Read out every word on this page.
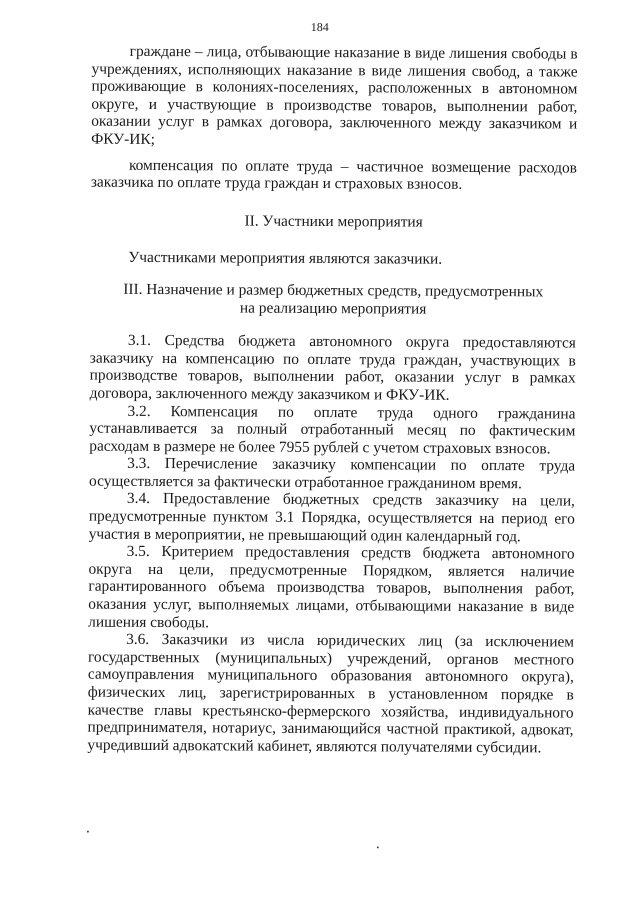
184

граждане – лица, отбывающие наказание в виде лишения свободы в учреждениях, исполняющих наказание в виде лишения свобод, а также проживающие в колониях-поселениях, расположенных в автономном округе, и участвующие в производстве товаров, выполнении работ, оказании услуг в рамках договора, заключенного между заказчиком и ФКУ-ИК;

компенсация по оплате труда – частичное возмещение расходов заказчика по оплате труда граждан и страховых взносов.

II. Участники мероприятия

Участниками мероприятия являются заказчики.

III. Назначение и размер бюджетных средств, предусмотренных
на реализацию мероприятия

3.1. Средства бюджета автономного округа предоставляются заказчику на компенсацию по оплате труда граждан, участвующих в производстве товаров, выполнении работ, оказании услуг в рамках договора, заключенного между заказчиком и ФКУ-ИК.

3.2. Компенсация по оплате труда одного гражданина устанавливается за полный отработанный месяц по фактическим расходам в размере не более 7955 рублей с учетом страховых взносов.

3.3. Перечисление заказчику компенсации по оплате труда осуществляется за фактически отработанное гражданином время.

3.4. Предоставление бюджетных средств заказчику на цели, предусмотренные пунктом 3.1 Порядка, осуществляется на период его участия в мероприятии, не превышающий один календарный год.

3.5. Критерием предоставления средств бюджета автономного округа на цели, предусмотренные Порядком, является наличие гарантированного объема производства товаров, выполнения работ, оказания услуг, выполняемых лицами, отбывающими наказание в виде лишения свободы.

3.6. Заказчики из числа юридических лиц (за исключением государственных (муниципальных) учреждений, органов местного самоуправления муниципального образования автономного округа), физических лиц, зарегистрированных в установленном порядке в качестве главы крестьянско-фермерского хозяйства, индивидуального предпринимателя, нотариус, занимающийся частной практикой, адвокат, учредивший адвокатский кабинет, являются получателями субсидии.
